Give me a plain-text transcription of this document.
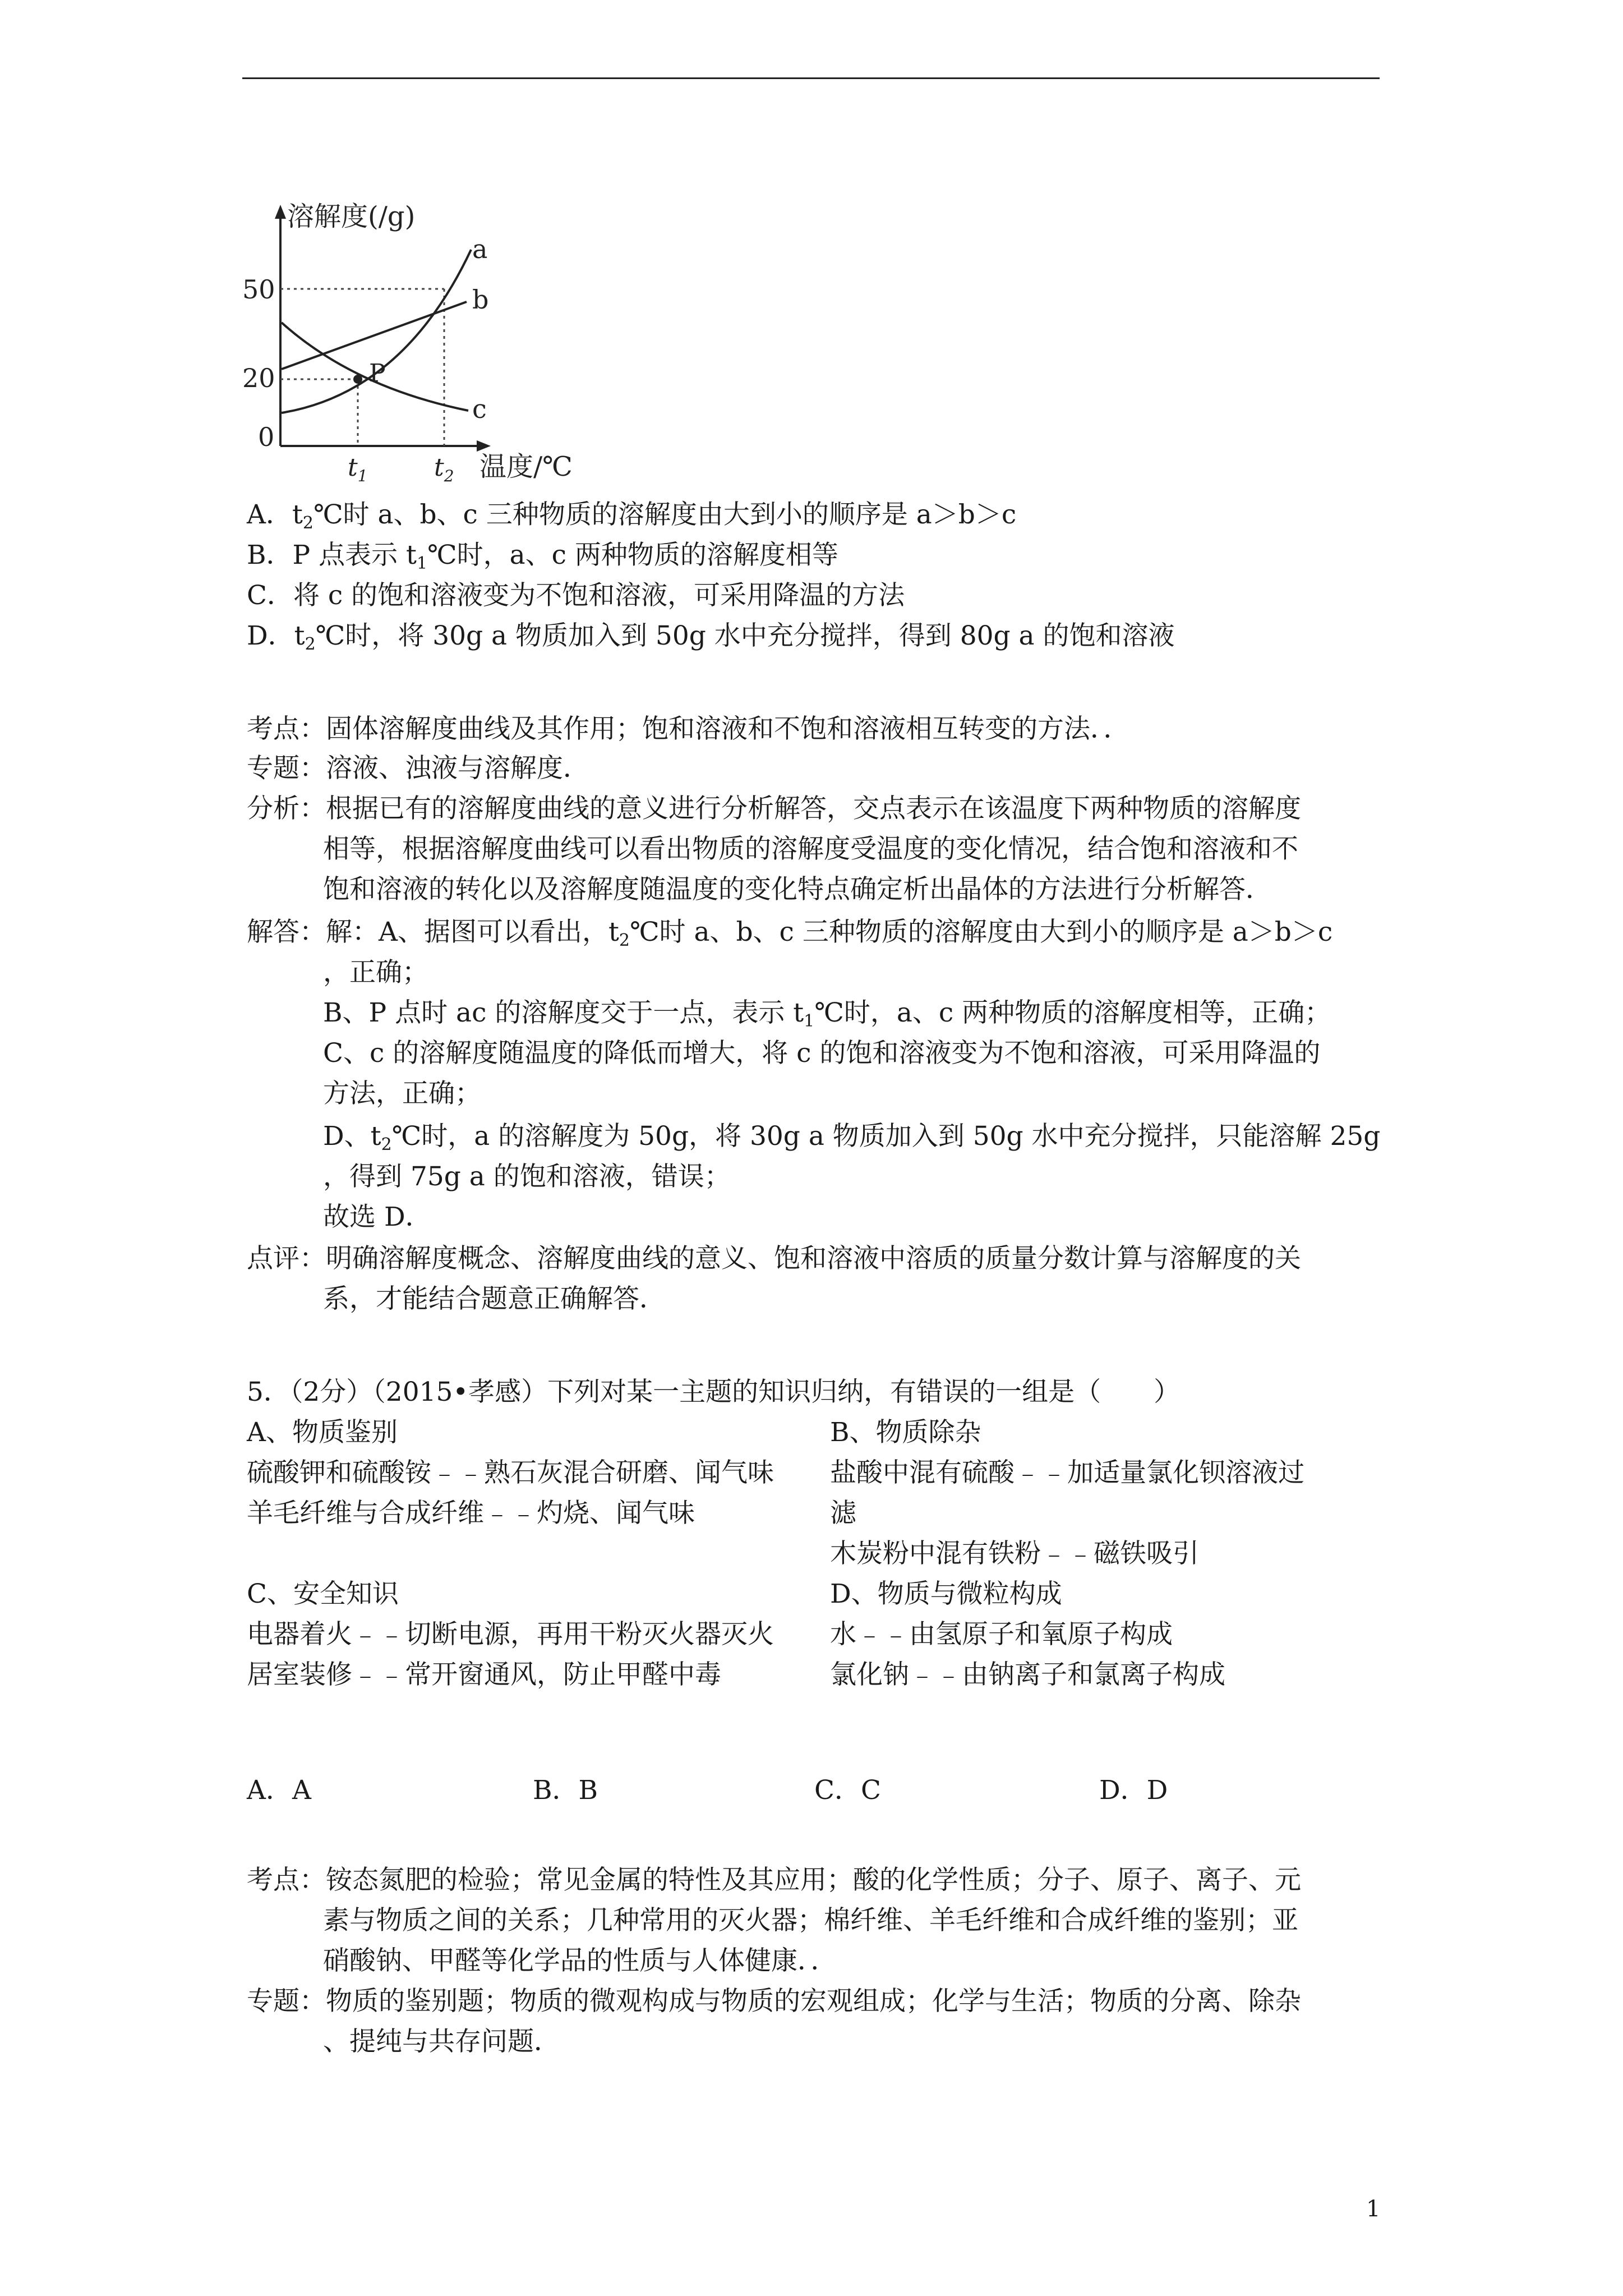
溶解度(/g)
50
20
0
P
a
b
c
$t_1$	$t_2$ 温度/℃
A．$t_2℃$时 a、b、c 三种物质的溶解度由大到小的顺序是 a＞b＞c
B．P 点表示 $t_1℃$时，a、c 两种物质的溶解度相等
C．将 c 的饱和溶液变为不饱和溶液，可采用降温的方法
D．$t_2℃$时，将 30g a 物质加入到 50g 水中充分搅拌，得到 80g a 的饱和溶液
考点：固体溶解度曲线及其作用；饱和溶液和不饱和溶液相互转变的方法．．
专题：溶液、浊液与溶解度．
分析：根据已有的溶解度曲线的意义进行分析解答，交点表示在该温度下两种物质的溶解度
相等，根据溶解度曲线可以看出物质的溶解度受温度的变化情况，结合饱和溶液和不
饱和溶液的转化以及溶解度随温度的变化特点确定析出晶体的方法进行分析解答．
解答：解：A、据图可以看出，$t_2℃$时 a、b、c 三种物质的溶解度由大到小的顺序是 a＞b＞c
，正确；
B、P 点时 ac 的溶解度交于一点，表示 $t_1℃$时，a、c 两种物质的溶解度相等，正确；
C、c 的溶解度随温度的降低而增大，将 c 的饱和溶液变为不饱和溶液，可采用降温的
方法，正确；
D、$t_2℃$时，a 的溶解度为 50g，将 30g a 物质加入到 50g 水中充分搅拌，只能溶解 25g
，得到 75g a 的饱和溶液，错误；
故选 D．
点评：明确溶解度概念、溶解度曲线的意义、饱和溶液中溶质的质量分数计算与溶解度的关
系，才能结合题意正确解答．
5．（2分）（2015•孝感）下列对某一主题的知识归纳，有错误的一组是（　　）
A、物质鉴别
硫酸钾和硫酸铵﹣﹣熟石灰混合研磨、闻气味
羊毛纤维与合成纤维﹣﹣灼烧、闻气味
B、物质除杂
盐酸中混有硫酸﹣﹣加适量氯化钡溶液过
滤
木炭粉中混有铁粉﹣﹣磁铁吸引
C、安全知识
电器着火﹣﹣切断电源，再用干粉灭火器灭火
居室装修﹣﹣常开窗通风，防止甲醛中毒
D、物质与微粒构成
水﹣﹣由氢原子和氧原子构成
氯化钠﹣﹣由钠离子和氯离子构成
A．A	B．B	C．C	D．D
考点：铵态氮肥的检验；常见金属的特性及其应用；酸的化学性质；分子、原子、离子、元
素与物质之间的关系；几种常用的灭火器；棉纤维、羊毛纤维和合成纤维的鉴别；亚
硝酸钠、甲醛等化学品的性质与人体健康．．
专题：物质的鉴别题；物质的微观构成与物质的宏观组成；化学与生活；物质的分离、除杂
、提纯与共存问题．
1
